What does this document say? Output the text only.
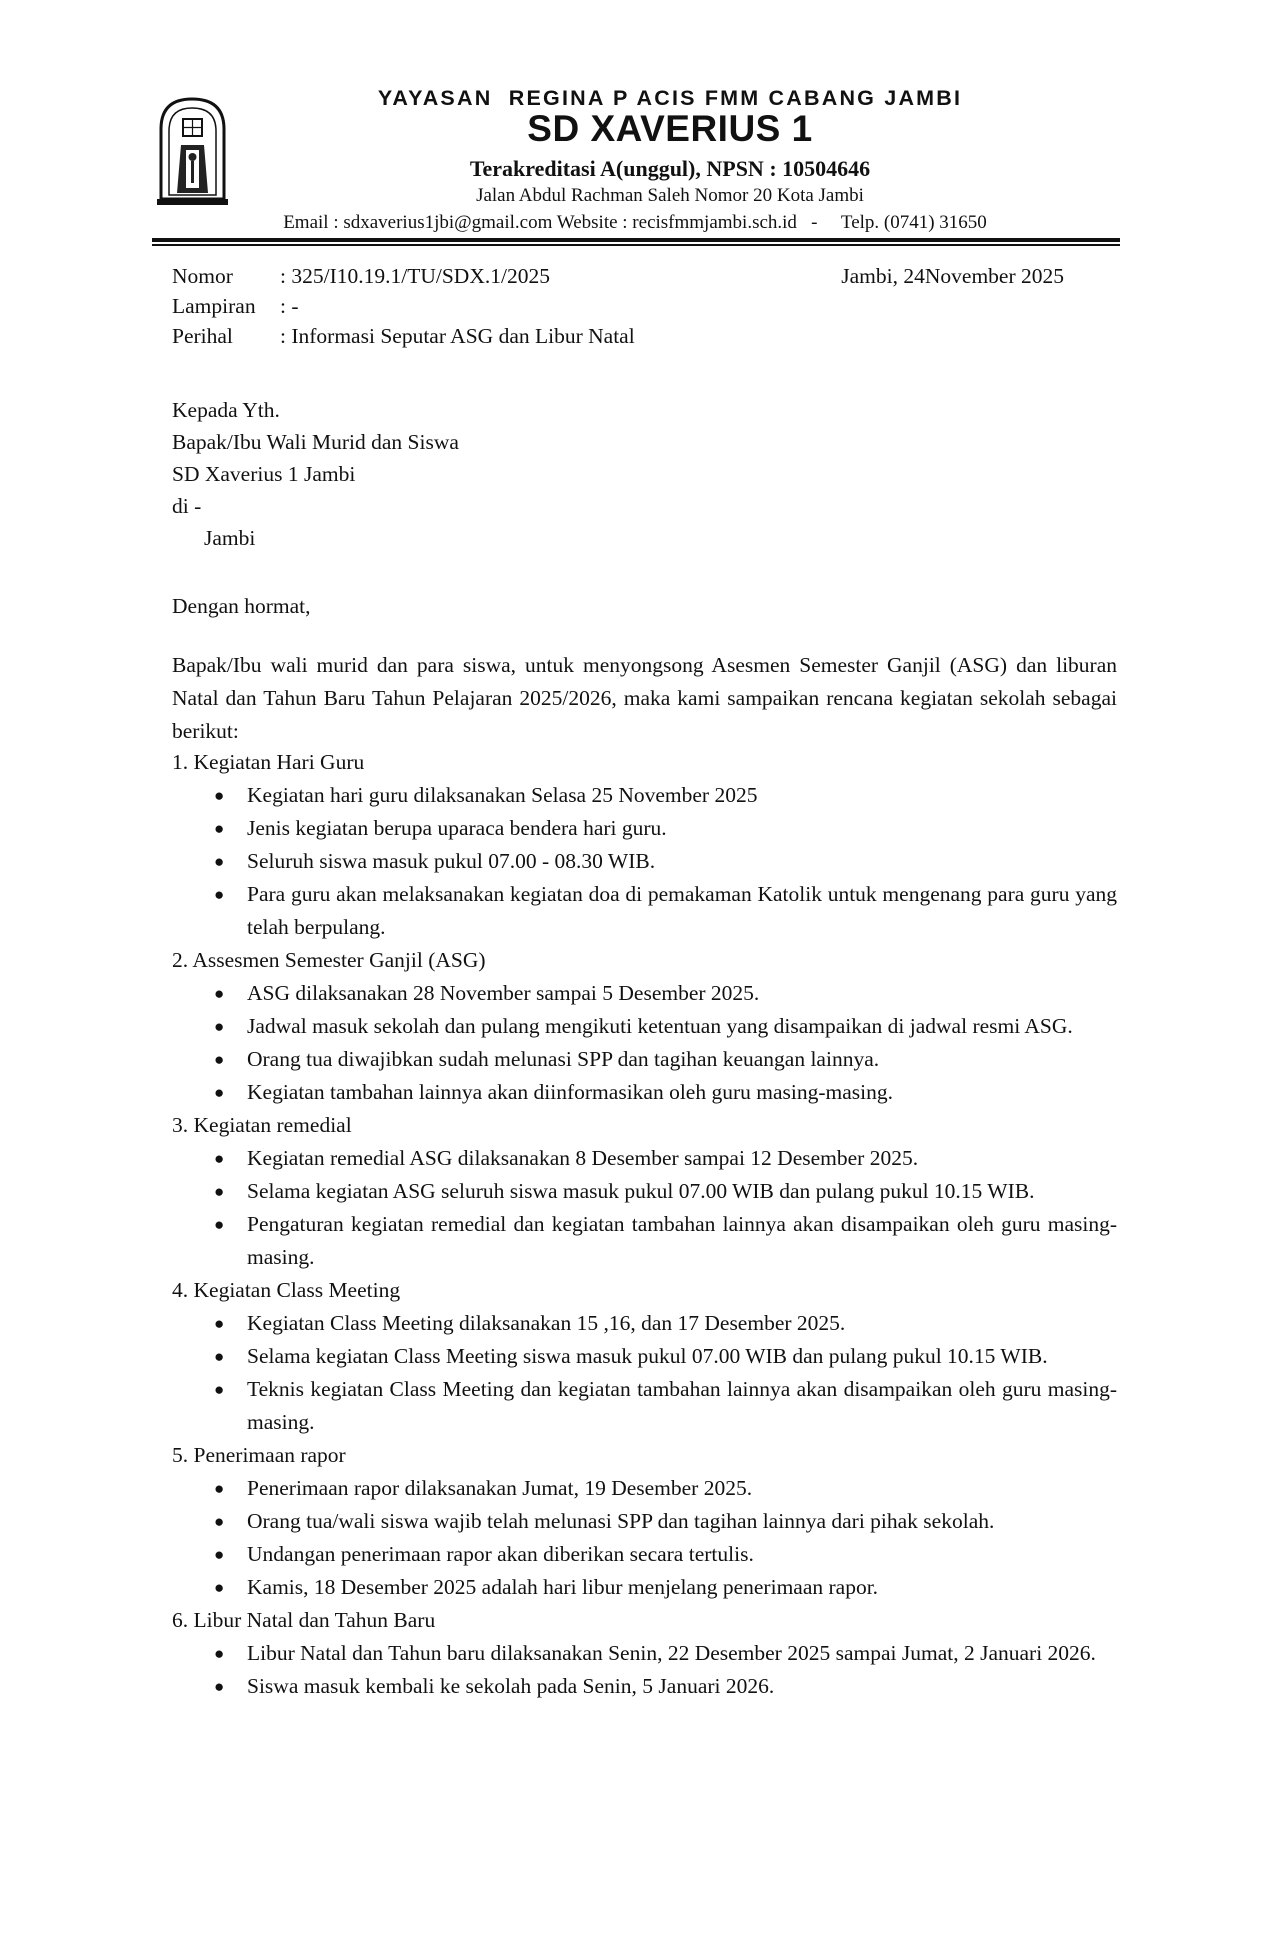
YAYASAN  REGINA P ACIS FMM CABANG JAMBI
SD XAVERIUS 1
Terakreditasi A(unggul), NPSN : 10504646
Jalan Abdul Rachman Saleh Nomor 20 Kota Jambi
Email : sdxaverius1jbi@gmail.com Website : recisfmmjambi.sch.id   -     Telp. (0741) 31650
Nomor	: 325/I10.19.1/TU/SDX.1/2025	Jambi, 24November 2025
Lampiran	: -
Perihal	: Informasi Seputar ASG dan Libur Natal
Kepada Yth.
Bapak/Ibu Wali Murid dan Siswa
SD Xaverius 1 Jambi
di -
Jambi
Dengan hormat,
Bapak/Ibu wali murid dan para siswa, untuk menyongsong Asesmen Semester Ganjil (ASG) dan liburan Natal dan Tahun Baru Tahun Pelajaran 2025/2026, maka kami sampaikan rencana kegiatan sekolah sebagai berikut:
1 . Kegiatan Hari Guru
● Kegiatan hari guru dilaksanakan Selasa 25 November 2025
● Jenis kegiatan berupa uparaca bendera hari guru.
● Seluruh siswa masuk pukul 07.00 - 08.30 WIB.
● Para guru akan melaksanakan kegiatan doa di pemakaman Katolik untuk mengenang para guru yang telah berpulang.
2 . Assesmen Semester Ganjil (ASG)
● ASG dilaksanakan 28 November sampai 5 Desember 2025.
● Jadwal masuk sekolah dan pulang mengikuti ketentuan yang disampaikan di jadwal resmi ASG.
● Orang tua diwajibkan sudah melunasi SPP dan tagihan keuangan lainnya.
● Kegiatan tambahan lainnya akan diinformasikan oleh guru masing-masing.
3 . Kegiatan remedial
● Kegiatan remedial ASG dilaksanakan 8 Desember sampai 12 Desember 2025.
● Selama kegiatan ASG seluruh siswa masuk pukul 07.00 WIB dan pulang pukul 10.15 WIB.
● Pengaturan kegiatan remedial dan kegiatan tambahan lainnya akan disampaikan oleh guru masing-masing.
4 . Kegiatan Class Meeting
● Kegiatan Class Meeting dilaksanakan 15 ,16, dan 17 Desember 2025.
● Selama kegiatan Class Meeting siswa masuk pukul 07.00 WIB dan pulang pukul 10.15 WIB.
● Teknis kegiatan Class Meeting dan kegiatan tambahan lainnya akan disampaikan oleh guru masing-masing.
5 . Penerimaan rapor
● Penerimaan rapor dilaksanakan Jumat, 19 Desember 2025.
● Orang tua/wali siswa wajib telah melunasi SPP dan tagihan lainnya dari pihak sekolah.
● Undangan penerimaan rapor akan diberikan secara tertulis.
● Kamis, 18 Desember 2025 adalah hari libur menjelang penerimaan rapor.
6 . Libur Natal dan Tahun Baru
● Libur Natal dan Tahun baru dilaksanakan Senin, 22 Desember 2025 sampai Jumat, 2 Januari 2026.
● Siswa masuk kembali ke sekolah pada Senin, 5 Januari 2026.
